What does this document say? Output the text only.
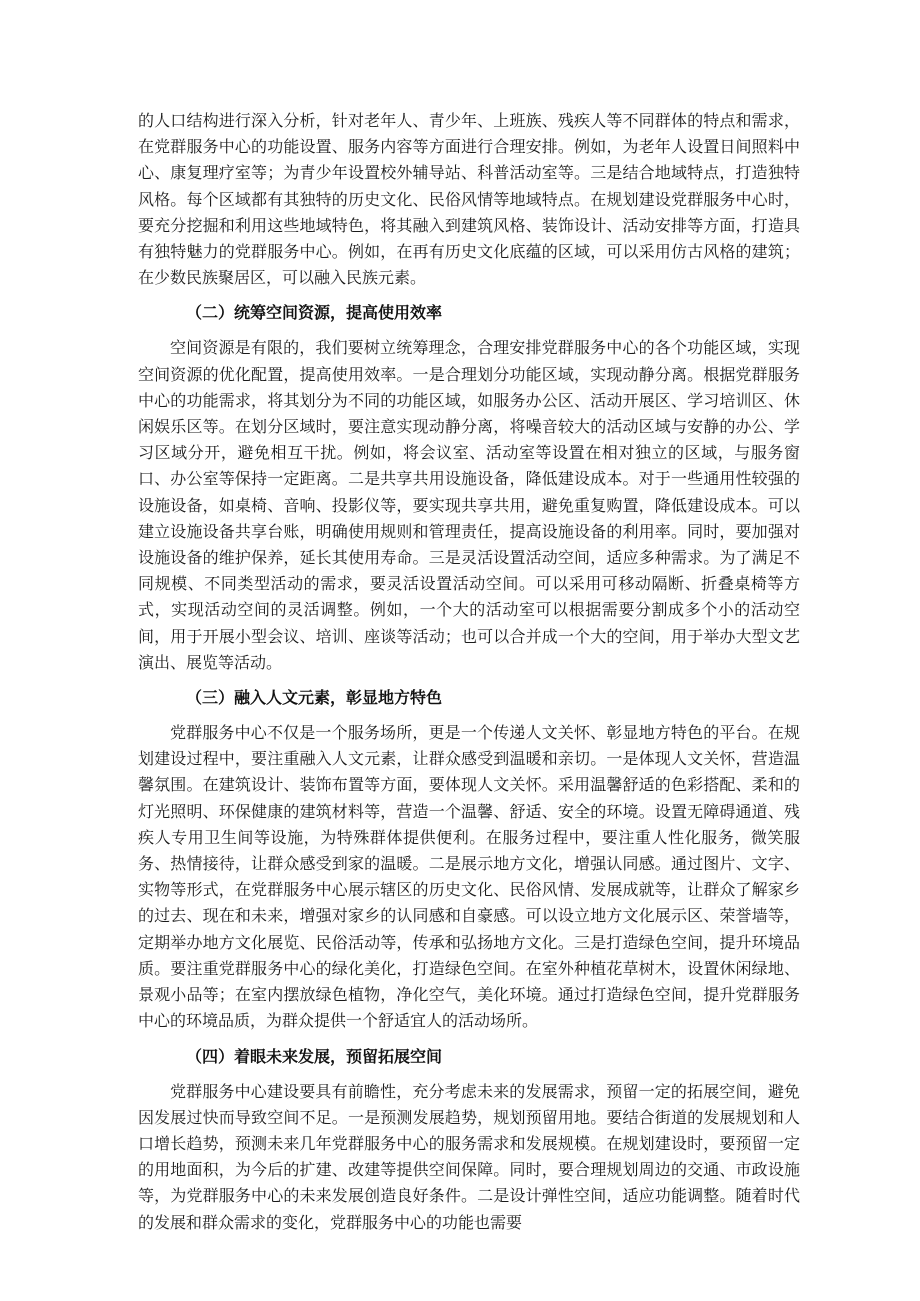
的人口结构进行深入分析，针对老年人、青少年、上班族、残疾人等不同群体的特点和需求，在党群服务中心的功能设置、服务内容等方面进行合理安排。例如，为老年人设置日间照料中心、康复理疗室等；为青少年设置校外辅导站、科普活动室等。三是结合地域特点，打造独特风格。每个区域都有其独特的历史文化、民俗风情等地域特点。在规划建设党群服务中心时，要充分挖掘和利用这些地域特色，将其融入到建筑风格、装饰设计、活动安排等方面，打造具有独特魅力的党群服务中心。例如，在再有历史文化底蕴的区域，可以采用仿古风格的建筑；在少数民族聚居区，可以融入民族元素。

（二）统筹空间资源，提高使用效率

空间资源是有限的，我们要树立统筹理念，合理安排党群服务中心的各个功能区域，实现空间资源的优化配置，提高使用效率。一是合理划分功能区域，实现动静分离。根据党群服务中心的功能需求，将其划分为不同的功能区域，如服务办公区、活动开展区、学习培训区、休闲娱乐区等。在划分区域时，要注意实现动静分离，将噪音较大的活动区域与安静的办公、学习区域分开，避免相互干扰。例如，将会议室、活动室等设置在相对独立的区域，与服务窗口、办公室等保持一定距离。二是共享共用设施设备，降低建设成本。对于一些通用性较强的设施设备，如桌椅、音响、投影仪等，要实现共享共用，避免重复购置，降低建设成本。可以建立设施设备共享台账，明确使用规则和管理责任，提高设施设备的利用率。同时，要加强对设施设备的维护保养，延长其使用寿命。三是灵活设置活动空间，适应多种需求。为了满足不同规模、不同类型活动的需求，要灵活设置活动空间。可以采用可移动隔断、折叠桌椅等方式，实现活动空间的灵活调整。例如，一个大的活动室可以根据需要分割成多个小的活动空间，用于开展小型会议、培训、座谈等活动；也可以合并成一个大的空间，用于举办大型文艺演出、展览等活动。

（三）融入人文元素，彰显地方特色

党群服务中心不仅是一个服务场所，更是一个传递人文关怀、彰显地方特色的平台。在规划建设过程中，要注重融入人文元素，让群众感受到温暖和亲切。一是体现人文关怀，营造温馨氛围。在建筑设计、装饰布置等方面，要体现人文关怀。采用温馨舒适的色彩搭配、柔和的灯光照明、环保健康的建筑材料等，营造一个温馨、舒适、安全的环境。设置无障碍通道、残疾人专用卫生间等设施，为特殊群体提供便利。在服务过程中，要注重人性化服务，微笑服务、热情接待，让群众感受到家的温暖。二是展示地方文化，增强认同感。通过图片、文字、实物等形式，在党群服务中心展示辖区的历史文化、民俗风情、发展成就等，让群众了解家乡的过去、现在和未来，增强对家乡的认同感和自豪感。可以设立地方文化展示区、荣誉墙等，定期举办地方文化展览、民俗活动等，传承和弘扬地方文化。三是打造绿色空间，提升环境品质。要注重党群服务中心的绿化美化，打造绿色空间。在室外种植花草树木，设置休闲绿地、景观小品等；在室内摆放绿色植物，净化空气，美化环境。通过打造绿色空间，提升党群服务中心的环境品质，为群众提供一个舒适宜人的活动场所。

（四）着眼未来发展，预留拓展空间

党群服务中心建设要具有前瞻性，充分考虑未来的发展需求，预留一定的拓展空间，避免因发展过快而导致空间不足。一是预测发展趋势，规划预留用地。要结合街道的发展规划和人口增长趋势，预测未来几年党群服务中心的服务需求和发展规模。在规划建设时，要预留一定的用地面积，为今后的扩建、改建等提供空间保障。同时，要合理规划周边的交通、市政设施等，为党群服务中心的未来发展创造良好条件。二是设计弹性空间，适应功能调整。随着时代的发展和群众需求的变化，党群服务中心的功能也需要
